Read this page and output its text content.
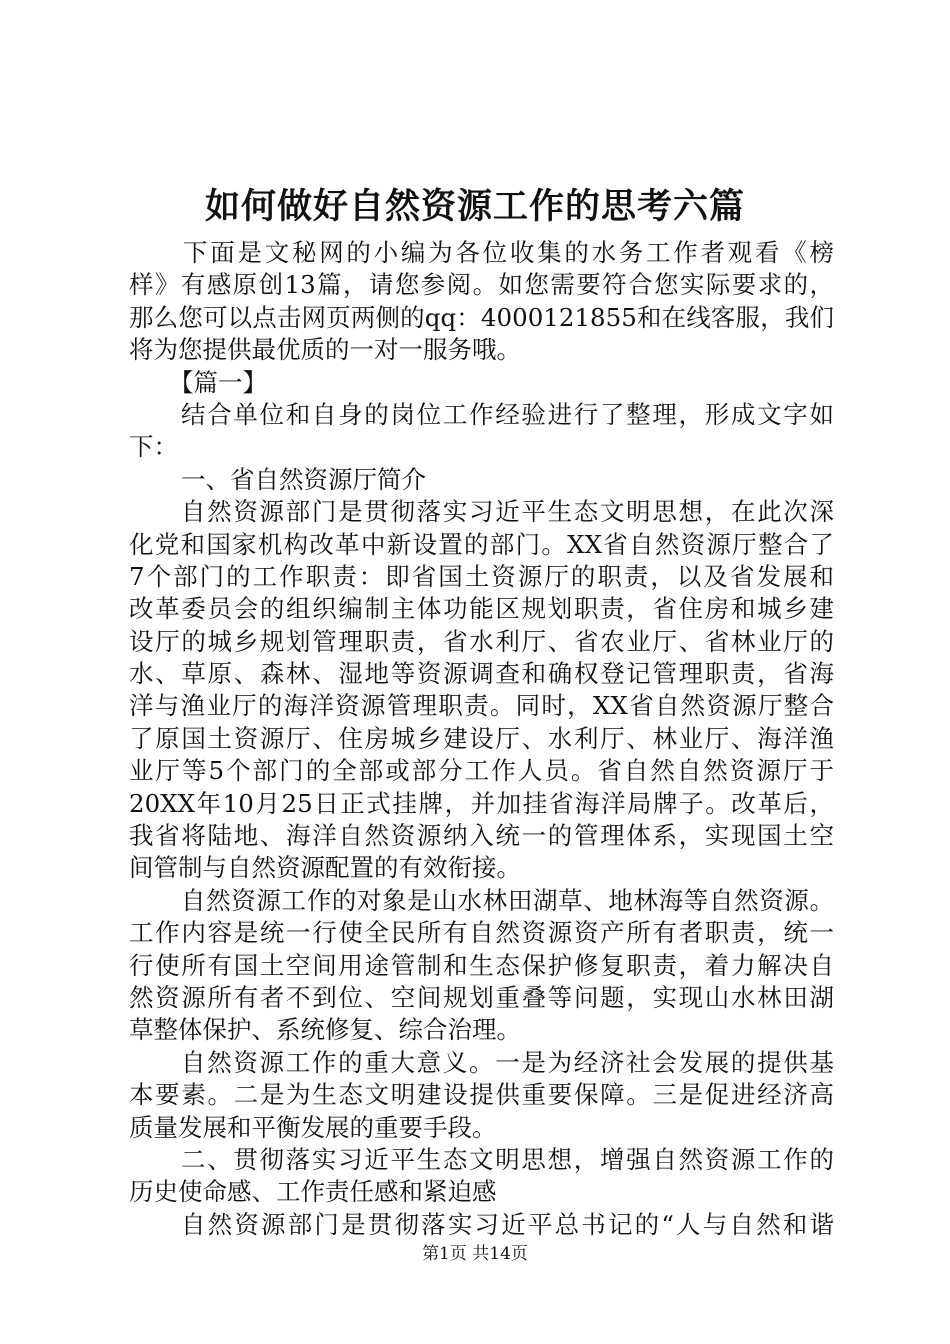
如何做好自然资源工作的思考六篇
下面是文秘网的小编为各位收集的水务工作者观看《榜
样》有感原创13篇，请您参阅。如您需要符合您实际要求的，
那么您可以点击网页两侧的qq：4000121855和在线客服，我们
将为您提供最优质的一对一服务哦。
【篇一】
结合单位和自身的岗位工作经验进行了整理，形成文字如
下：
一、省自然资源厅简介
自然资源部门是贯彻落实习近平生态文明思想，在此次深
化党和国家机构改革中新设置的部门。XX省自然资源厅整合了
7个部门的工作职责：即省国土资源厅的职责，以及省发展和
改革委员会的组织编制主体功能区规划职责，省住房和城乡建
设厅的城乡规划管理职责，省水利厅、省农业厅、省林业厅的
水、草原、森林、湿地等资源调查和确权登记管理职责，省海
洋与渔业厅的海洋资源管理职责。同时，XX省自然资源厅整合
了原国土资源厅、住房城乡建设厅、水利厅、林业厅、海洋渔
业厅等5个部门的全部或部分工作人员。省自然自然资源厅于
20XX年10月25日正式挂牌，并加挂省海洋局牌子。改革后，
我省将陆地、海洋自然资源纳入统一的管理体系，实现国土空
间管制与自然资源配置的有效衔接。
自然资源工作的对象是山水林田湖草、地林海等自然资源。
工作内容是统一行使全民所有自然资源资产所有者职责，统一
行使所有国土空间用途管制和生态保护修复职责，着力解决自
然资源所有者不到位、空间规划重叠等问题，实现山水林田湖
草整体保护、系统修复、综合治理。
自然资源工作的重大意义。一是为经济社会发展的提供基
本要素。二是为生态文明建设提供重要保障。三是促进经济高
质量发展和平衡发展的重要手段。
二、贯彻落实习近平生态文明思想，增强自然资源工作的
历史使命感、工作责任感和紧迫感
自然资源部门是贯彻落实习近平总书记的“人与自然和谐
第1页 共14页
